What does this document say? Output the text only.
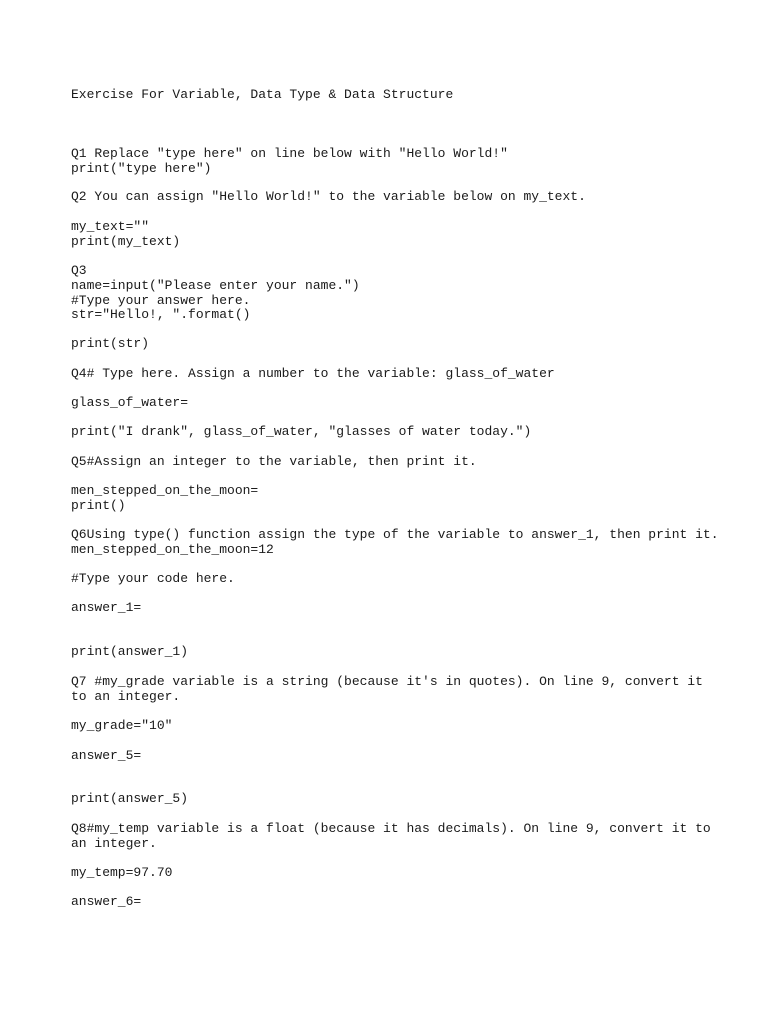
Exercise For Variable, Data Type & Data Structure
Q1 Replace "type here" on line below with "Hello World!"
print("type here")
Q2 You can assign "Hello World!" to the variable below on my_text.
my_text=""
print(my_text)
Q3
name=input("Please enter your name.")
#Type your answer here.
str="Hello!, ".format()
print(str)
Q4# Type here. Assign a number to the variable: glass_of_water
glass_of_water=
print("I drank", glass_of_water, "glasses of water today.")
Q5#Assign an integer to the variable, then print it.
men_stepped_on_the_moon=
print()
Q6Using type() function assign the type of the variable to answer_1, then print it.
men_stepped_on_the_moon=12
#Type your code here.
answer_1=
print(answer_1)
Q7 #my_grade variable is a string (because it's in quotes). On line 9, convert it
to an integer.
my_grade="10"
answer_5=
print(answer_5)
Q8#my_temp variable is a float (because it has decimals). On line 9, convert it to
an integer.
my_temp=97.70
answer_6=
